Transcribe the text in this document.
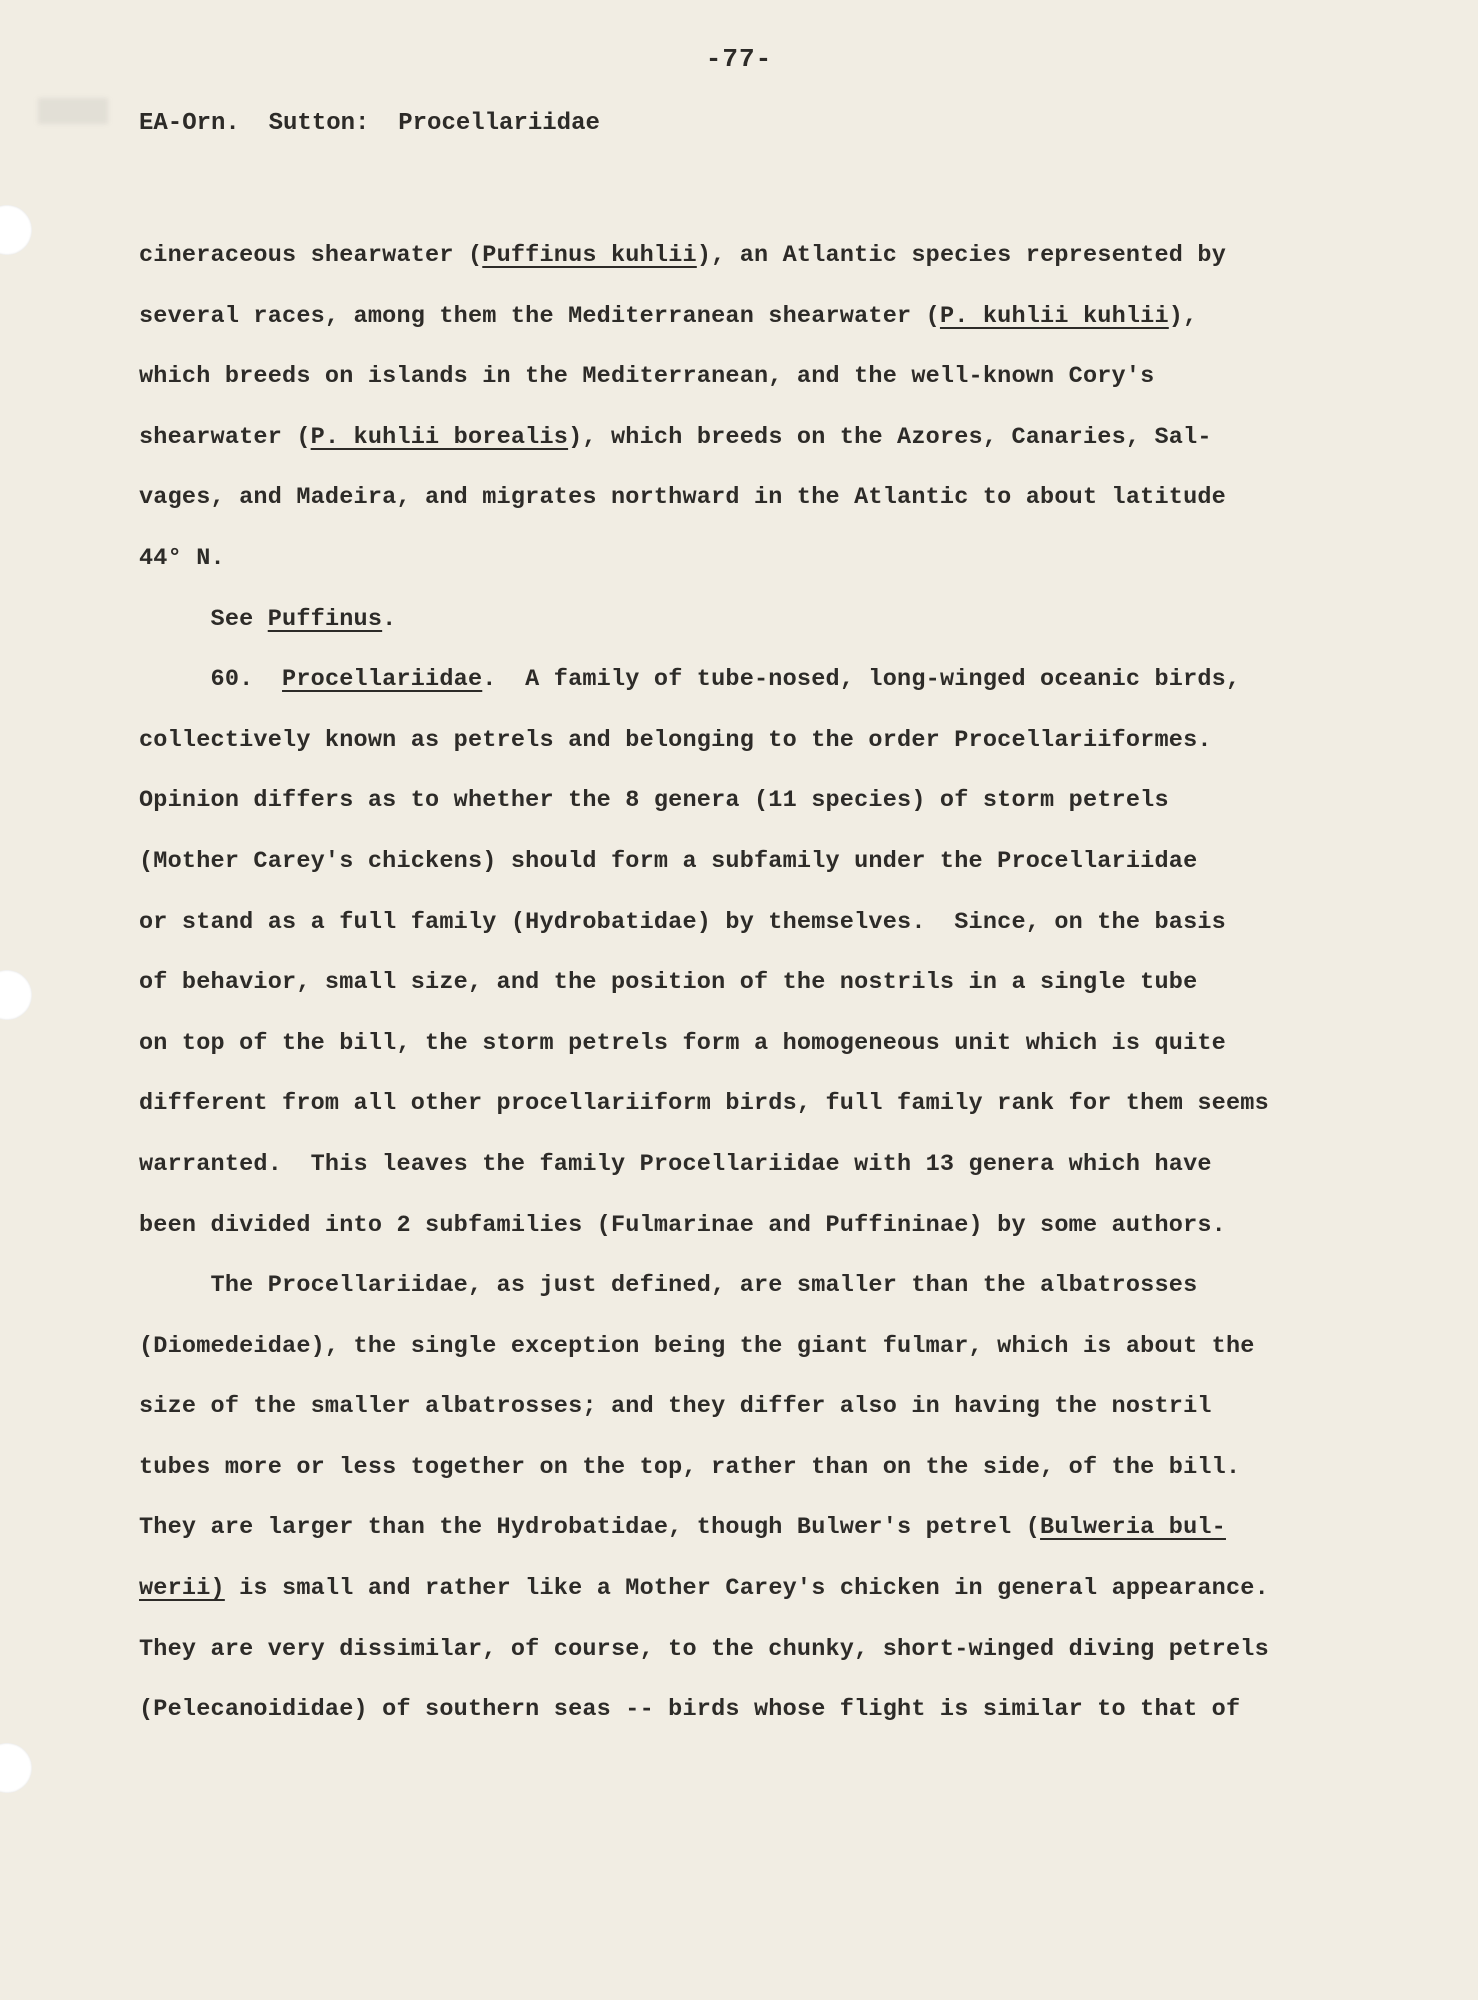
-77-
EA-Orn.  Sutton:  Procellariidae
cineraceous shearwater (Puffinus kuhlii), an Atlantic species represented by
several races, among them the Mediterranean shearwater (P. kuhlii kuhlii),
which breeds on islands in the Mediterranean, and the well-known Cory's
shearwater (P. kuhlii borealis), which breeds on the Azores, Canaries, Sal-
vages, and Madeira, and migrates northward in the Atlantic to about latitude
44° N.
See Puffinus.
60.  Procellariidae.  A family of tube-nosed, long-winged oceanic birds,
collectively known as petrels and belonging to the order Procellariiformes.
Opinion differs as to whether the 8 genera (11 species) of storm petrels
(Mother Carey's chickens) should form a subfamily under the Procellariidae
or stand as a full family (Hydrobatidae) by themselves.  Since, on the basis
of behavior, small size, and the position of the nostrils in a single tube
on top of the bill, the storm petrels form a homogeneous unit which is quite
different from all other procellariiform birds, full family rank for them seems
warranted.  This leaves the family Procellariidae with 13 genera which have
been divided into 2 subfamilies (Fulmarinae and Puffininae) by some authors.
The Procellariidae, as just defined, are smaller than the albatrosses
(Diomedeidae), the single exception being the giant fulmar, which is about the
size of the smaller albatrosses; and they differ also in having the nostril
tubes more or less together on the top, rather than on the side, of the bill.
They are larger than the Hydrobatidae, though Bulwer's petrel (Bulweria bul-
werii) is small and rather like a Mother Carey's chicken in general appearance.
They are very dissimilar, of course, to the chunky, short-winged diving petrels
(Pelecanoididae) of southern seas -- birds whose flight is similar to that of
